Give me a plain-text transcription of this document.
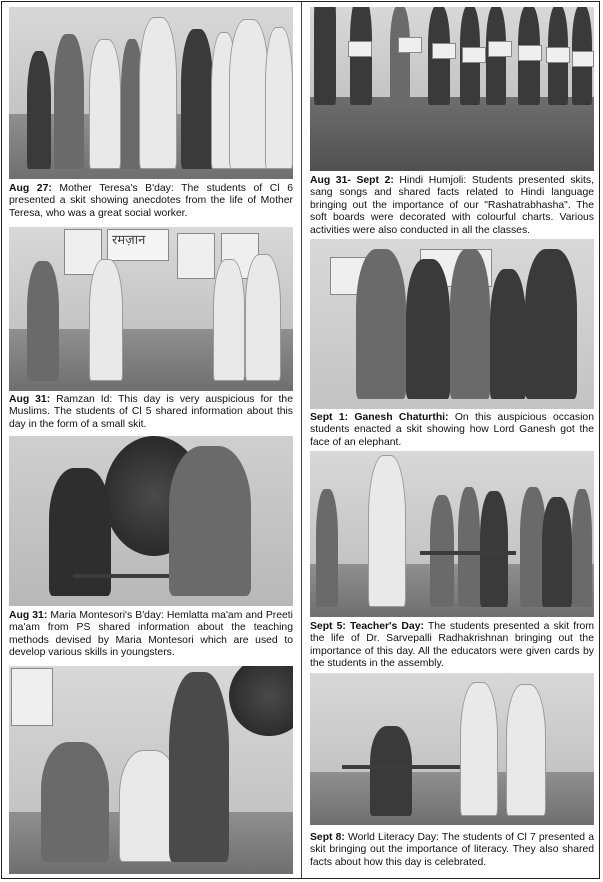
Aug 27: Mother Teresa's B'day: The students of Cl 6 presented a skit showing anecdotes from the life of Mother Teresa, who was a great social worker.

रमज़ान

Aug 31: Ramzan Id: This day is very auspicious for the Muslims. The students of Cl 5 shared information about this day in the form of a small skit.

Aug 31: Maria Montesori's B'day: Hemlatta ma'am and Preeti ma'am from PS shared information about the teaching methods devised by Maria Montesori which are used to develop various skills in youngsters.

Aug 31- Sept 2: Hindi Humjoli: Students presented skits, sang songs and shared facts related to Hindi language bringing out the importance of our "Rashatrabhasha". The soft boards were decorated with colourful charts. Various activities were also conducted in all the classes.

Sept 1: Ganesh Chaturthi: On this auspicious occasion students enacted a skit showing how Lord Ganesh got the face of an elephant.

Sept 5: Teacher's Day: The students presented a skit from the life of Dr. Sarvepalli Radhakrishnan bringing out the importance of this day. All the educators were given cards by the students in the assembly.

Sept 8: World Literacy Day: The students of Cl 7 presented a skit bringing out the importance of literacy. They also shared facts about how this day is celebrated.
